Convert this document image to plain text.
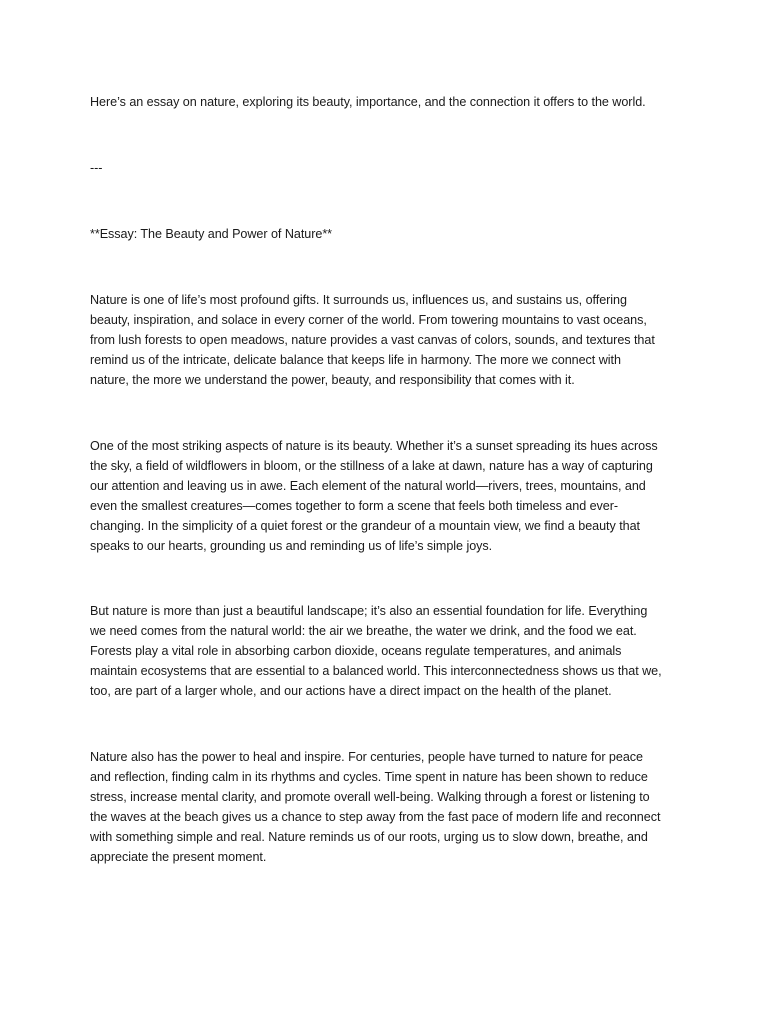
Here’s an essay on nature, exploring its beauty, importance, and the connection it offers to the world.

---

**Essay: The Beauty and Power of Nature**

Nature is one of life’s most profound gifts. It surrounds us, influences us, and sustains us, offering
beauty, inspiration, and solace in every corner of the world. From towering mountains to vast oceans,
from lush forests to open meadows, nature provides a vast canvas of colors, sounds, and textures that
remind us of the intricate, delicate balance that keeps life in harmony. The more we connect with
nature, the more we understand the power, beauty, and responsibility that comes with it.

One of the most striking aspects of nature is its beauty. Whether it’s a sunset spreading its hues across
the sky, a field of wildflowers in bloom, or the stillness of a lake at dawn, nature has a way of capturing
our attention and leaving us in awe. Each element of the natural world—rivers, trees, mountains, and
even the smallest creatures—comes together to form a scene that feels both timeless and ever-
changing. In the simplicity of a quiet forest or the grandeur of a mountain view, we find a beauty that
speaks to our hearts, grounding us and reminding us of life’s simple joys.

But nature is more than just a beautiful landscape; it’s also an essential foundation for life. Everything
we need comes from the natural world: the air we breathe, the water we drink, and the food we eat.
Forests play a vital role in absorbing carbon dioxide, oceans regulate temperatures, and animals
maintain ecosystems that are essential to a balanced world. This interconnectedness shows us that we,
too, are part of a larger whole, and our actions have a direct impact on the health of the planet.

Nature also has the power to heal and inspire. For centuries, people have turned to nature for peace
and reflection, finding calm in its rhythms and cycles. Time spent in nature has been shown to reduce
stress, increase mental clarity, and promote overall well-being. Walking through a forest or listening to
the waves at the beach gives us a chance to step away from the fast pace of modern life and reconnect
with something simple and real. Nature reminds us of our roots, urging us to slow down, breathe, and
appreciate the present moment.
